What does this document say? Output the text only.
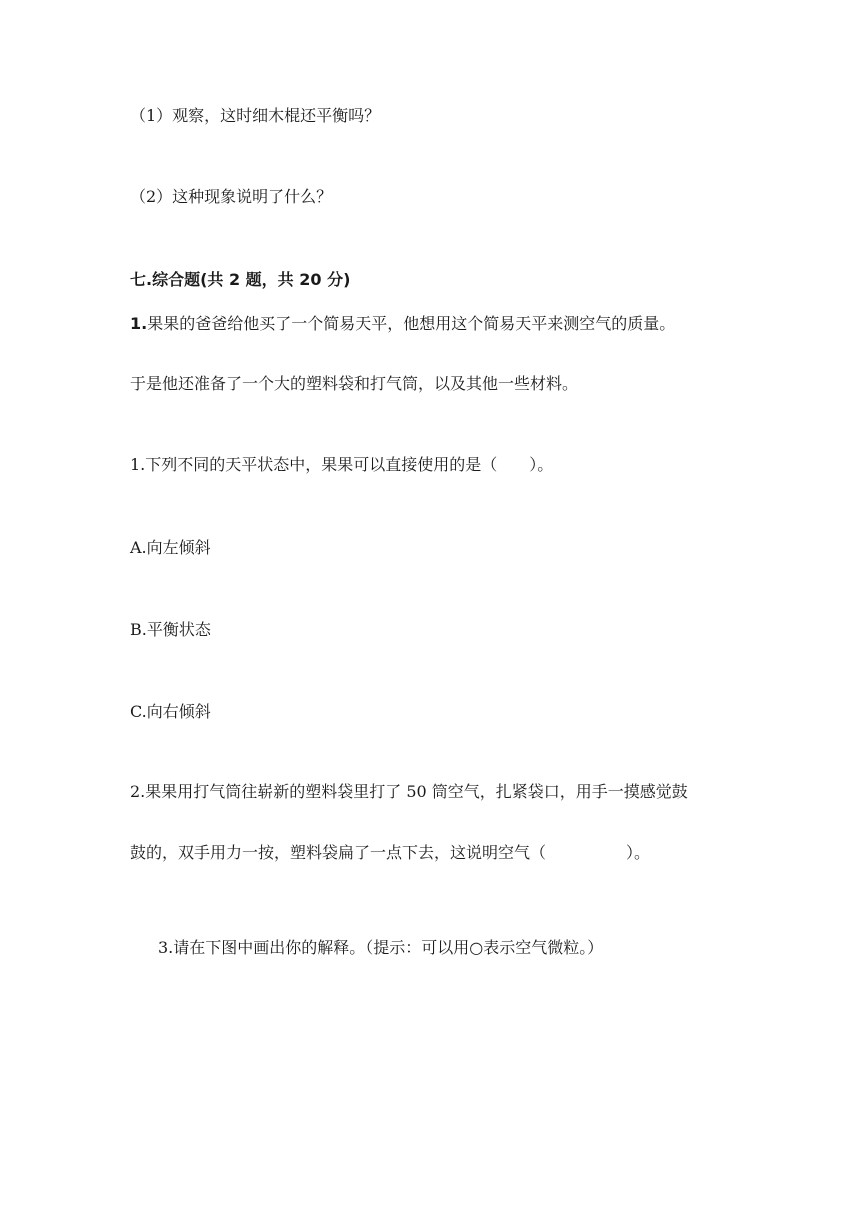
（1）观察，这时细木棍还平衡吗？
（2）这种现象说明了什么？
七.综合题(共 2 题，共 20 分)
1.果果的爸爸给他买了一个简易天平，他想用这个简易天平来测空气的质量。
于是他还准备了一个大的塑料袋和打气筒，以及其他一些材料。
1.下列不同的天平状态中，果果可以直接使用的是（　　）。
A.向左倾斜
B.平衡状态
C.向右倾斜
2.果果用打气筒往崭新的塑料袋里打了 50 筒空气，扎紧袋口，用手一摸感觉鼓
鼓的，双手用力一按，塑料袋扁了一点下去，这说明空气（　　　　　）。
3.请在下图中画出你的解释。（提示：可以用○表示空气微粒。）
